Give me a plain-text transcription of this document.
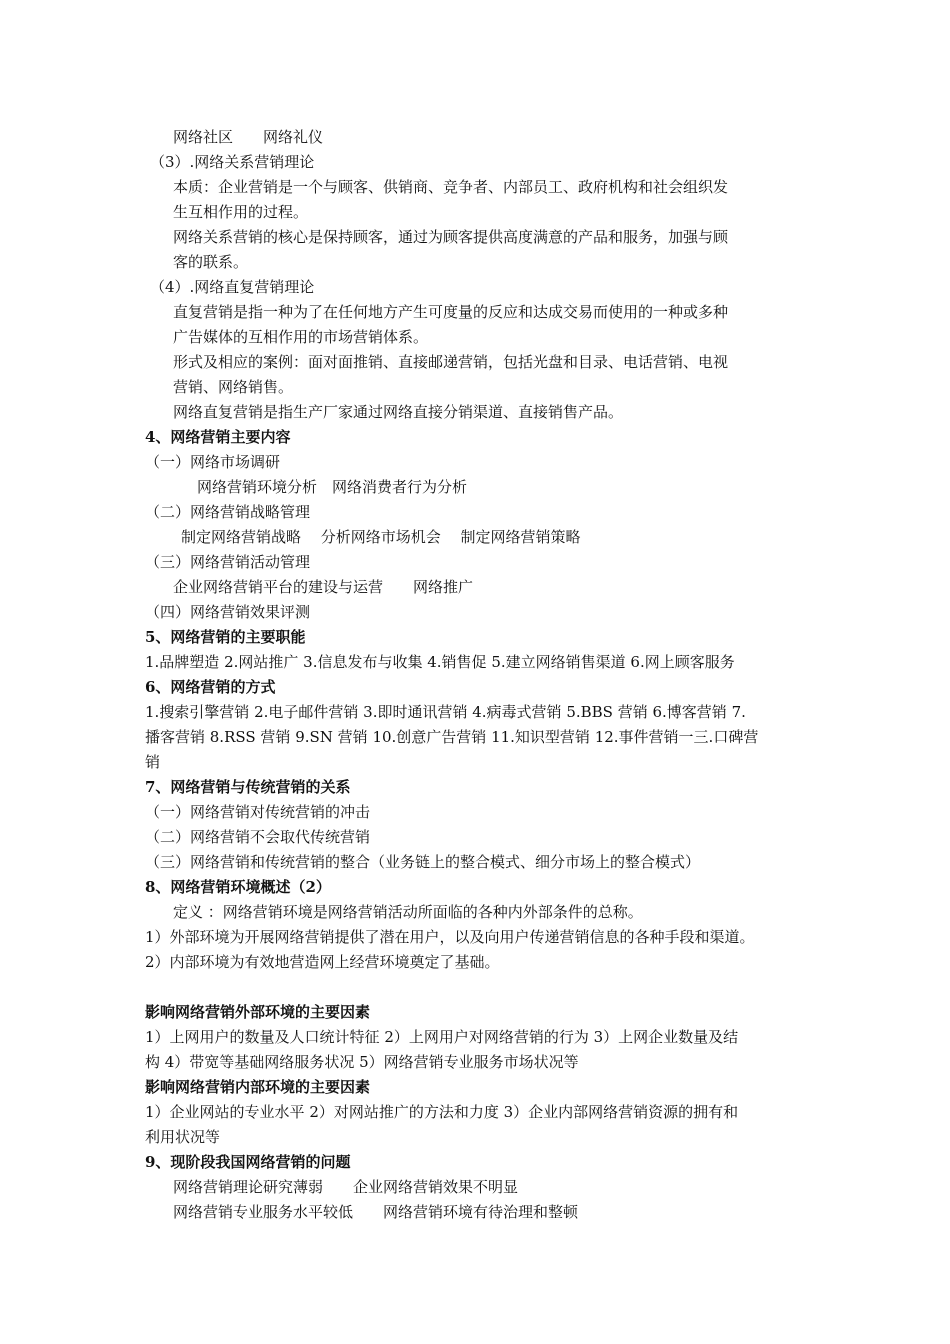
网络社区　　网络礼仪
（3）.网络关系营销理论
本质：企业营销是一个与顾客、供销商、竞争者、内部员工、政府机构和社会组织发
生互相作用的过程。
网络关系营销的核心是保持顾客，通过为顾客提供高度满意的产品和服务，加强与顾
客的联系。
（4）.网络直复营销理论
直复营销是指一种为了在任何地方产生可度量的反应和达成交易而使用的一种或多种
广告媒体的互相作用的市场营销体系。
形式及相应的案例：面对面推销、直接邮递营销，包括光盘和目录、电话营销、电视
营销、网络销售。
网络直复营销是指生产厂家通过网络直接分销渠道、直接销售产品。
4、网络营销主要内容
（一）网络市场调研
网络营销环境分析　网络消费者行为分析
（二）网络营销战略管理
制定网络营销战略　 分析网络市场机会　 制定网络营销策略
（三）网络营销活动管理
企业网络营销平台的建设与运营　　网络推广
（四）网络营销效果评测
5、网络营销的主要职能
1.品牌塑造 2.网站推广 3.信息发布与收集 4.销售促 5.建立网络销售渠道 6.网上顾客服务
6、网络营销的方式
1.搜索引擎营销 2.电子邮件营销 3.即时通讯营销 4.病毒式营销 5.BBS 营销 6.博客营销 7.
播客营销 8.RSS 营销 9.SN 营销 10.创意广告营销 11.知识型营销 12.事件营销一三.口碑营
销
7、网络营销与传统营销的关系
（一）网络营销对传统营销的冲击
（二）网络营销不会取代传统营销
（三）网络营销和传统营销的整合（业务链上的整合模式、细分市场上的整合模式）
8、网络营销环境概述（2）
定义 ：网络营销环境是网络营销活动所面临的各种内外部条件的总称。
1）外部环境为开展网络营销提供了潜在用户，以及向用户传递营销信息的各种手段和渠道。
2）内部环境为有效地营造网上经营环境奠定了基础。
影响网络营销外部环境的主要因素
1）上网用户的数量及人口统计特征 2）上网用户对网络营销的行为 3）上网企业数量及结
构 4）带宽等基础网络服务状况 5）网络营销专业服务市场状况等
影响网络营销内部环境的主要因素
1）企业网站的专业水平 2）对网站推广的方法和力度 3）企业内部网络营销资源的拥有和
利用状况等
9、现阶段我国网络营销的问题
网络营销理论研究薄弱　　企业网络营销效果不明显
网络营销专业服务水平较低　　网络营销环境有待治理和整顿
